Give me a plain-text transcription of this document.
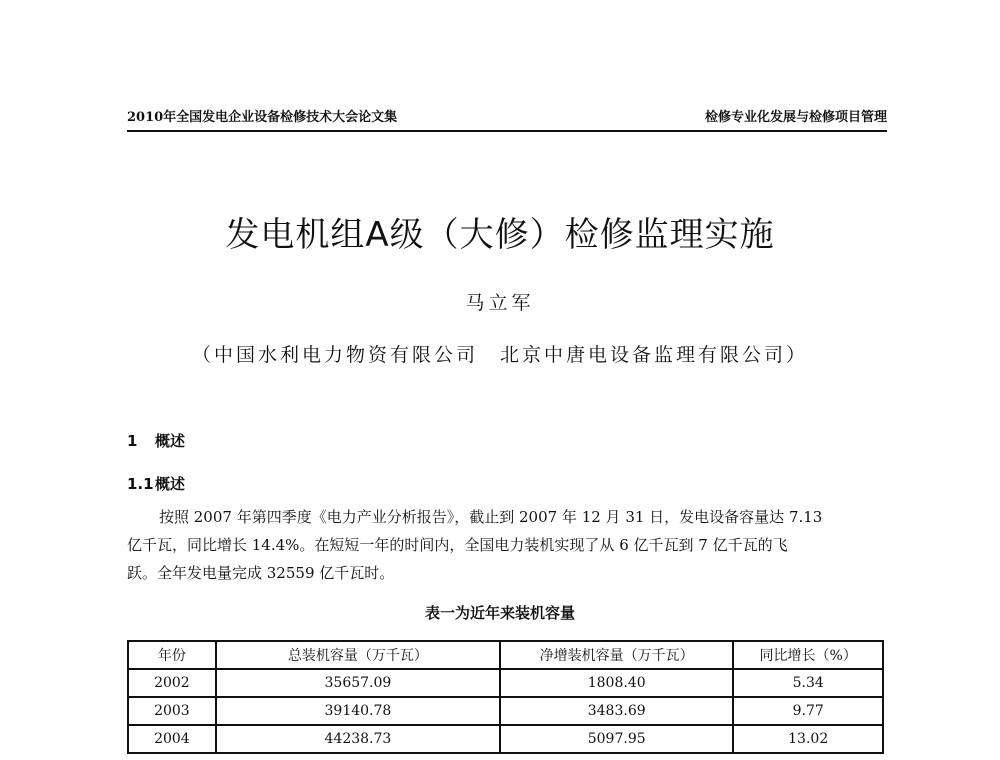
2010年全国发电企业设备检修技术大会论文集	检修专业化发展与检修项目管理
发电机组A级（大修）检修监理实施
马立军
（中国水利电力物资有限公司 北京中唐电设备监理有限公司）
1 概述
1.1概述
按照 2007 年第四季度《电力产业分析报告》，截止到 2007 年 12 月 31 日，发电设备容量达 7.13
亿千瓦，同比增长 14.4%。在短短一年的时间内，全国电力装机实现了从 6 亿千瓦到 7 亿千瓦的飞
跃。全年发电量完成 32559 亿千瓦时。
表一为近年来装机容量
年份	总装机容量（万千瓦）	净增装机容量（万千瓦）	同比增长（%）
2002	35657.09	1808.40	5.34
2003	39140.78	3483.69	9.77
2004	44238.73	5097.95	13.02
